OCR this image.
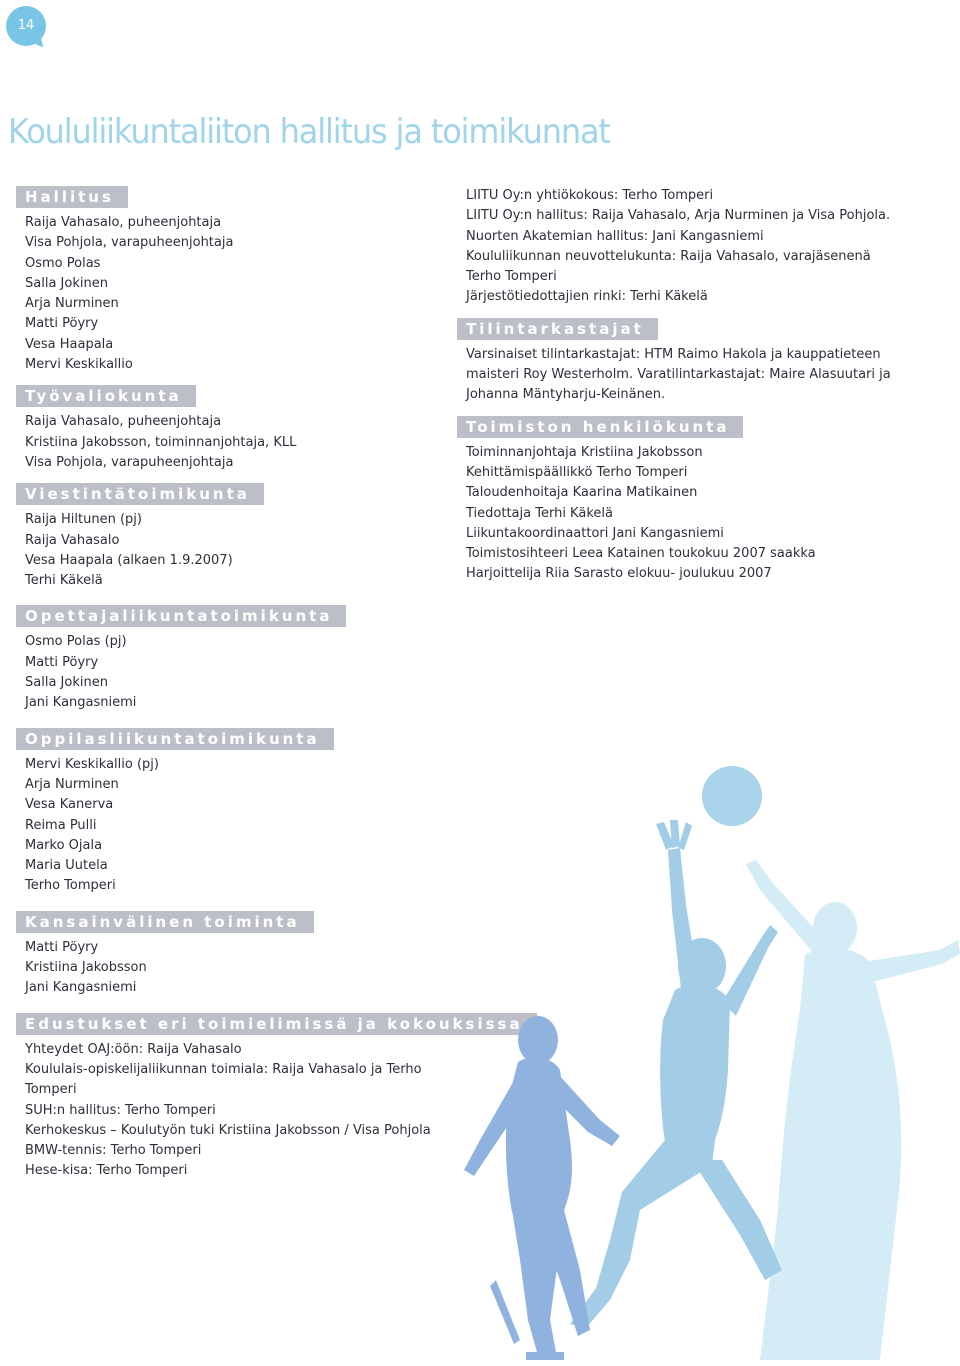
14
Koululiikuntaliiton hallitus ja toimikunnat
Hallitus
Raija Vahasalo, puheenjohtaja
Visa Pohjola, varapuheenjohtaja
Osmo Polas
Salla Jokinen
Arja Nurminen
Matti Pöyry
Vesa Haapala
Mervi Keskikallio
Työvaliokunta
Raija Vahasalo, puheenjohtaja
Kristiina Jakobsson, toiminnanjohtaja, KLL
Visa Pohjola, varapuheenjohtaja
Viestintätoimikunta
Raija Hiltunen (pj)
Raija Vahasalo
Vesa Haapala (alkaen 1.9.2007)
Terhi Käkelä
Opettajaliikuntatoimikunta
Osmo Polas (pj)
Matti Pöyry
Salla Jokinen
Jani Kangasniemi
Oppilasliikuntatoimikunta
Mervi Keskikallio (pj)
Arja Nurminen
Vesa Kanerva
Reima Pulli
Marko Ojala
Maria Uutela
Terho Tomperi
Kansainvälinen toiminta
Matti Pöyry
Kristiina Jakobsson
Jani Kangasniemi
Edustukset eri toimielimissä ja kokouksissa
Yhteydet OAJ:öön: Raija Vahasalo
Koululais-opiskelijaliikunnan toimiala: Raija Vahasalo ja Terho
Tomperi
SUH:n hallitus: Terho Tomperi
Kerhokeskus – Koulutyön tuki Kristiina Jakobsson / Visa Pohjola
BMW-tennis: Terho Tomperi
Hese-kisa: Terho Tomperi
LIITU Oy:n yhtiökokous: Terho Tomperi
LIITU Oy:n hallitus: Raija Vahasalo, Arja Nurminen ja Visa Pohjola.
Nuorten Akatemian hallitus: Jani Kangasniemi
Koululiikunnan neuvottelukunta: Raija Vahasalo, varajäsenenä
Terho Tomperi
Järjestötiedottajien rinki: Terhi Käkelä
Tilintarkastajat
Varsinaiset tilintarkastajat: HTM Raimo Hakola ja kauppatieteen
maisteri Roy Westerholm. Varatilintarkastajat: Maire Alasuutari ja
Johanna Mäntyharju-Keinänen.
Toimiston henkilökunta
Toiminnanjohtaja Kristiina Jakobsson
Kehittämispäällikkö Terho Tomperi
Taloudenhoitaja Kaarina Matikainen
Tiedottaja Terhi Käkelä
Liikuntakoordinaattori Jani Kangasniemi
Toimistosihteeri Leea Katainen toukokuu 2007 saakka
Harjoittelija Riia Sarasto elokuu- joulukuu 2007
